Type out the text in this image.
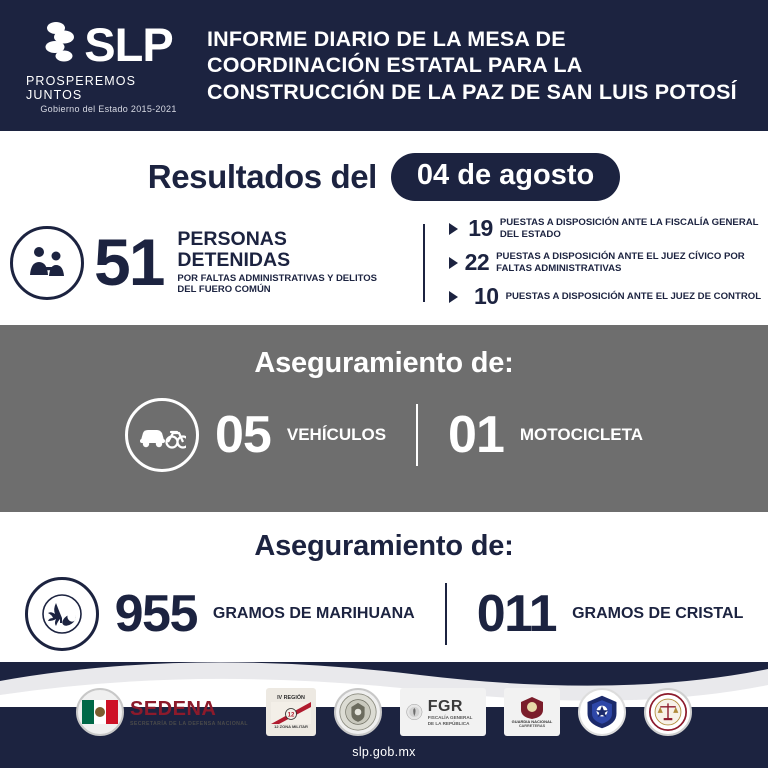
SLP
PROSPEREMOS JUNTOS
Gobierno del Estado 2015-2021
INFORME DIARIO DE LA MESA DE COORDINACIÓN ESTATAL PARA LA CONSTRUCCIÓN DE LA PAZ DE SAN LUIS POTOSÍ
Resultados del	04 de agosto
51 PERSONAS DETENIDAS
POR FALTAS ADMINISTRATIVAS Y DELITOS DEL FUERO COMÚN
19 PUESTAS A DISPOSICIÓN ANTE LA FISCALÍA GENERAL DEL ESTADO
22 PUESTAS A DISPOSICIÓN ANTE EL JUEZ CÍVICO POR FALTAS ADMINISTRATIVAS
10 PUESTAS A DISPOSICIÓN ANTE EL JUEZ DE CONTROL
Aseguramiento de:
05 VEHÍCULOS 01 MOTOCICLETA
Aseguramiento de:
955 GRAMOS DE MARIHUANA 011 GRAMOS DE CRISTAL
SEDENA
SECRETARÍA DE LA DEFENSA NACIONAL
IV REGIÓN
12
12 ZONA MILITAR
FGR
FISCALÍA GENERAL DE LA REPÚBLICA	GUARDIA NACIONAL
CARRETERAS
slp.gob.mx
